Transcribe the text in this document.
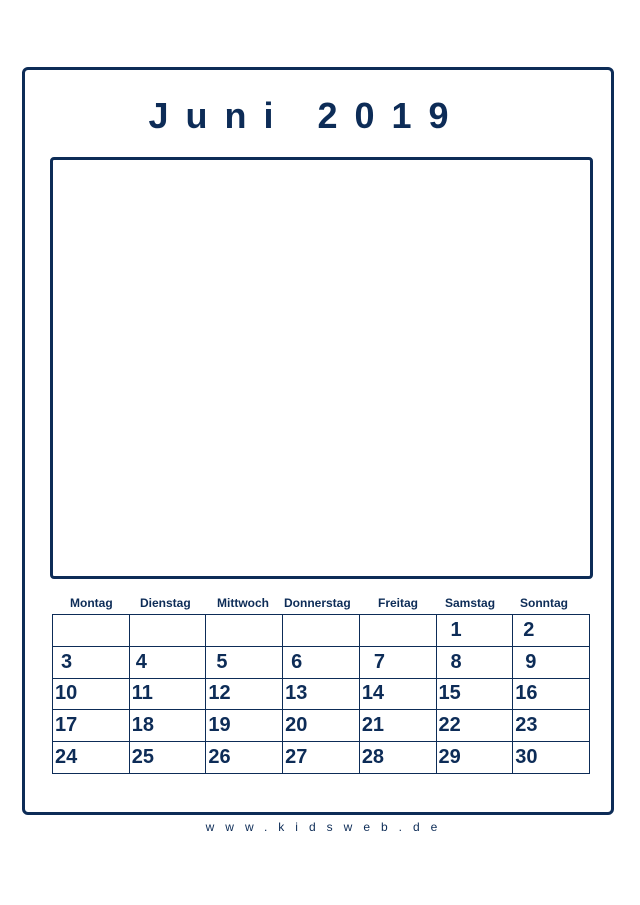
Juni 2019
Montag Dienstag Mittwoch Donnerstag Freitag Samstag Sonntag
					1	2
3	4	5	6	7	8	9
10	11	12	13	14	15	16
17	18	19	20	21	22	23
24	25	26	27	28	29	30
www.kidsweb.de
